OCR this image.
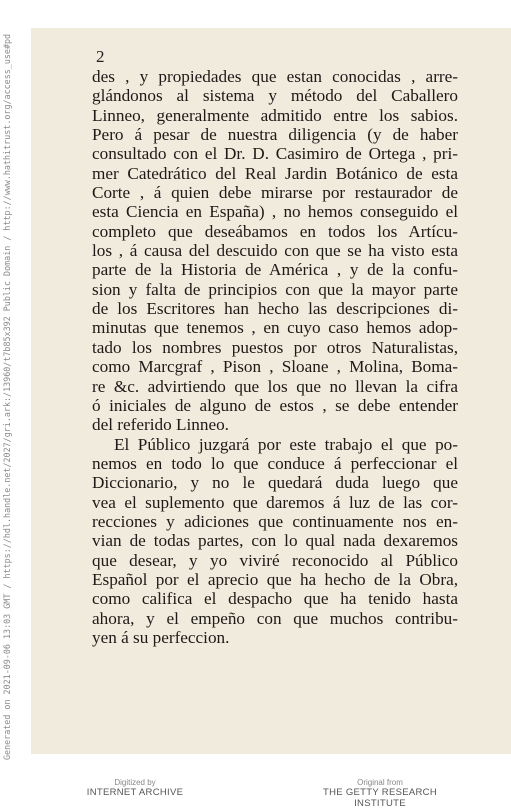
Generated on 2021-09-06 13:03 GMT / https://hdl.handle.net/2027/gri.ark:/13960/t7b85x392 Public Domain / http://www.hathitrust.org/access_use#pd	2
des , y propiedades que estan conocidas , arre-
glándonos al sistema y método del Caballero
Linneo, generalmente admitido entre los sabios.
Pero á pesar de nuestra diligencia (y de haber
consultado con el Dr. D. Casimiro de Ortega , pri-
mer Catedrático del Real Jardin Botánico de esta
Corte , á quien debe mirarse por restaurador de
esta Ciencia en España) , no hemos conseguido el
completo que deseábamos en todos los Artícu-
los , á causa del descuido con que se ha visto esta
parte de la Historia de América , y de la confu-
sion y falta de principios con que la mayor parte
de los Escritores han hecho las descripciones di-
minutas que tenemos , en cuyo caso hemos adop-
tado los nombres puestos por otros Naturalistas,
como Marcgraf , Pison , Sloane , Molina, Boma-
re &c. advirtiendo que los que no llevan la cifra
ó iniciales de alguno de estos , se debe entender
del referido Linneo.
El Público juzgará por este trabajo el que po-
nemos en todo lo que conduce á perfeccionar el
Diccionario, y no le quedará duda luego que
vea el suplemento que daremos á luz de las cor-
recciones y adiciones que continuamente nos en-
vian de todas partes, con lo qual nada dexaremos
que desear, y yo viviré reconocido al Público
Español por el aprecio que ha hecho de la Obra,
como califica el despacho que ha tenido hasta
ahora, y el empeño con que muchos contribu-
yen á su perfeccion.
Digitized by
INTERNET ARCHIVE
Original from
THE GETTY RESEARCH INSTITUTE
